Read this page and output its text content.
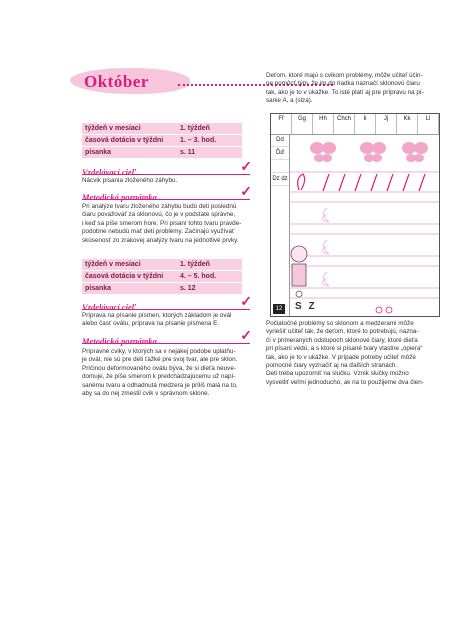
Október
týždeň v mesiaci	1. týždeň
časová dotácia v týždni	1. – 3. hod.
písanka	s. 11
Vzdelávací cieľ	✓
Nácvik písania zloženého záhybu.
Metodická poznámka	✓
Pri analýze tvaru zloženého záhybu budú deti poslednú
čiaru považovať za sklonovú, čo je v podstate správne,
i keď sa píše smerom hore. Pri písaní tohto tvaru pravde-
podobne nebudú mať deti problémy. Začínajú využívať
skúsenosť zo zrakovej analýzy tvaru na jednotlivé prvky.
týždeň v mesiaci	1. týždeň
časová dotácia v týždni	4. – 5. hod.
písanka	s. 12
Vzdelávací cieľ	✓
Príprava na písanie písmen, ktorých základom je ovál
alebo časť oválu, príprava na písanie písmena E.
Metodická poznámka	✓
Prípravné cviky, v ktorých sa v nejakej podobe uplatňu-
je ovál, nie sú pre deti ťažké pre svoj tvar, ale pre sklon.
Príčinou deformovaného oválu býva, že si dieťa neuve-
domuje, že píše smerom k predchádzajúcemu už napí-
sanému tvaru a odhadnutá medzera je príliš malá na to,
aby sa do nej zmestil cvik v správnom sklone.
Deťom, ktoré majú s cvikom problémy, môže učiteľ účin-
ne pomôcť tým, že im do riadka naznačí sklonovú čiaru
tak, ako je to v ukážke. To isté platí aj pre prípravu na pí-
sanie A, a (slza).
Ff	Gg	Hh	Chch	Ii	Jj	Kk	Ll
Dd
Ďď
Dz dz
12 S Z
Počiatočné problémy so sklonom a medzerami môže
vyriešiť učiteľ tak, že deťom, ktoré to potrebujú, nazna-
čí v primeraných odstupoch sklonové čiary, ktoré dieťa
pri písaní vedú, a s ktoré si písané tvary vlastne „opiera“
tak, ako je to v ukážke. V prípade potreby učiteľ môže
pomocné čiary vyznačiť aj na ďalších stranách.
Deti treba upozorniť na slučku. Vznik slučky možno
vysvetliť veľmi jednoducho, ak na to použijeme dva člen-
